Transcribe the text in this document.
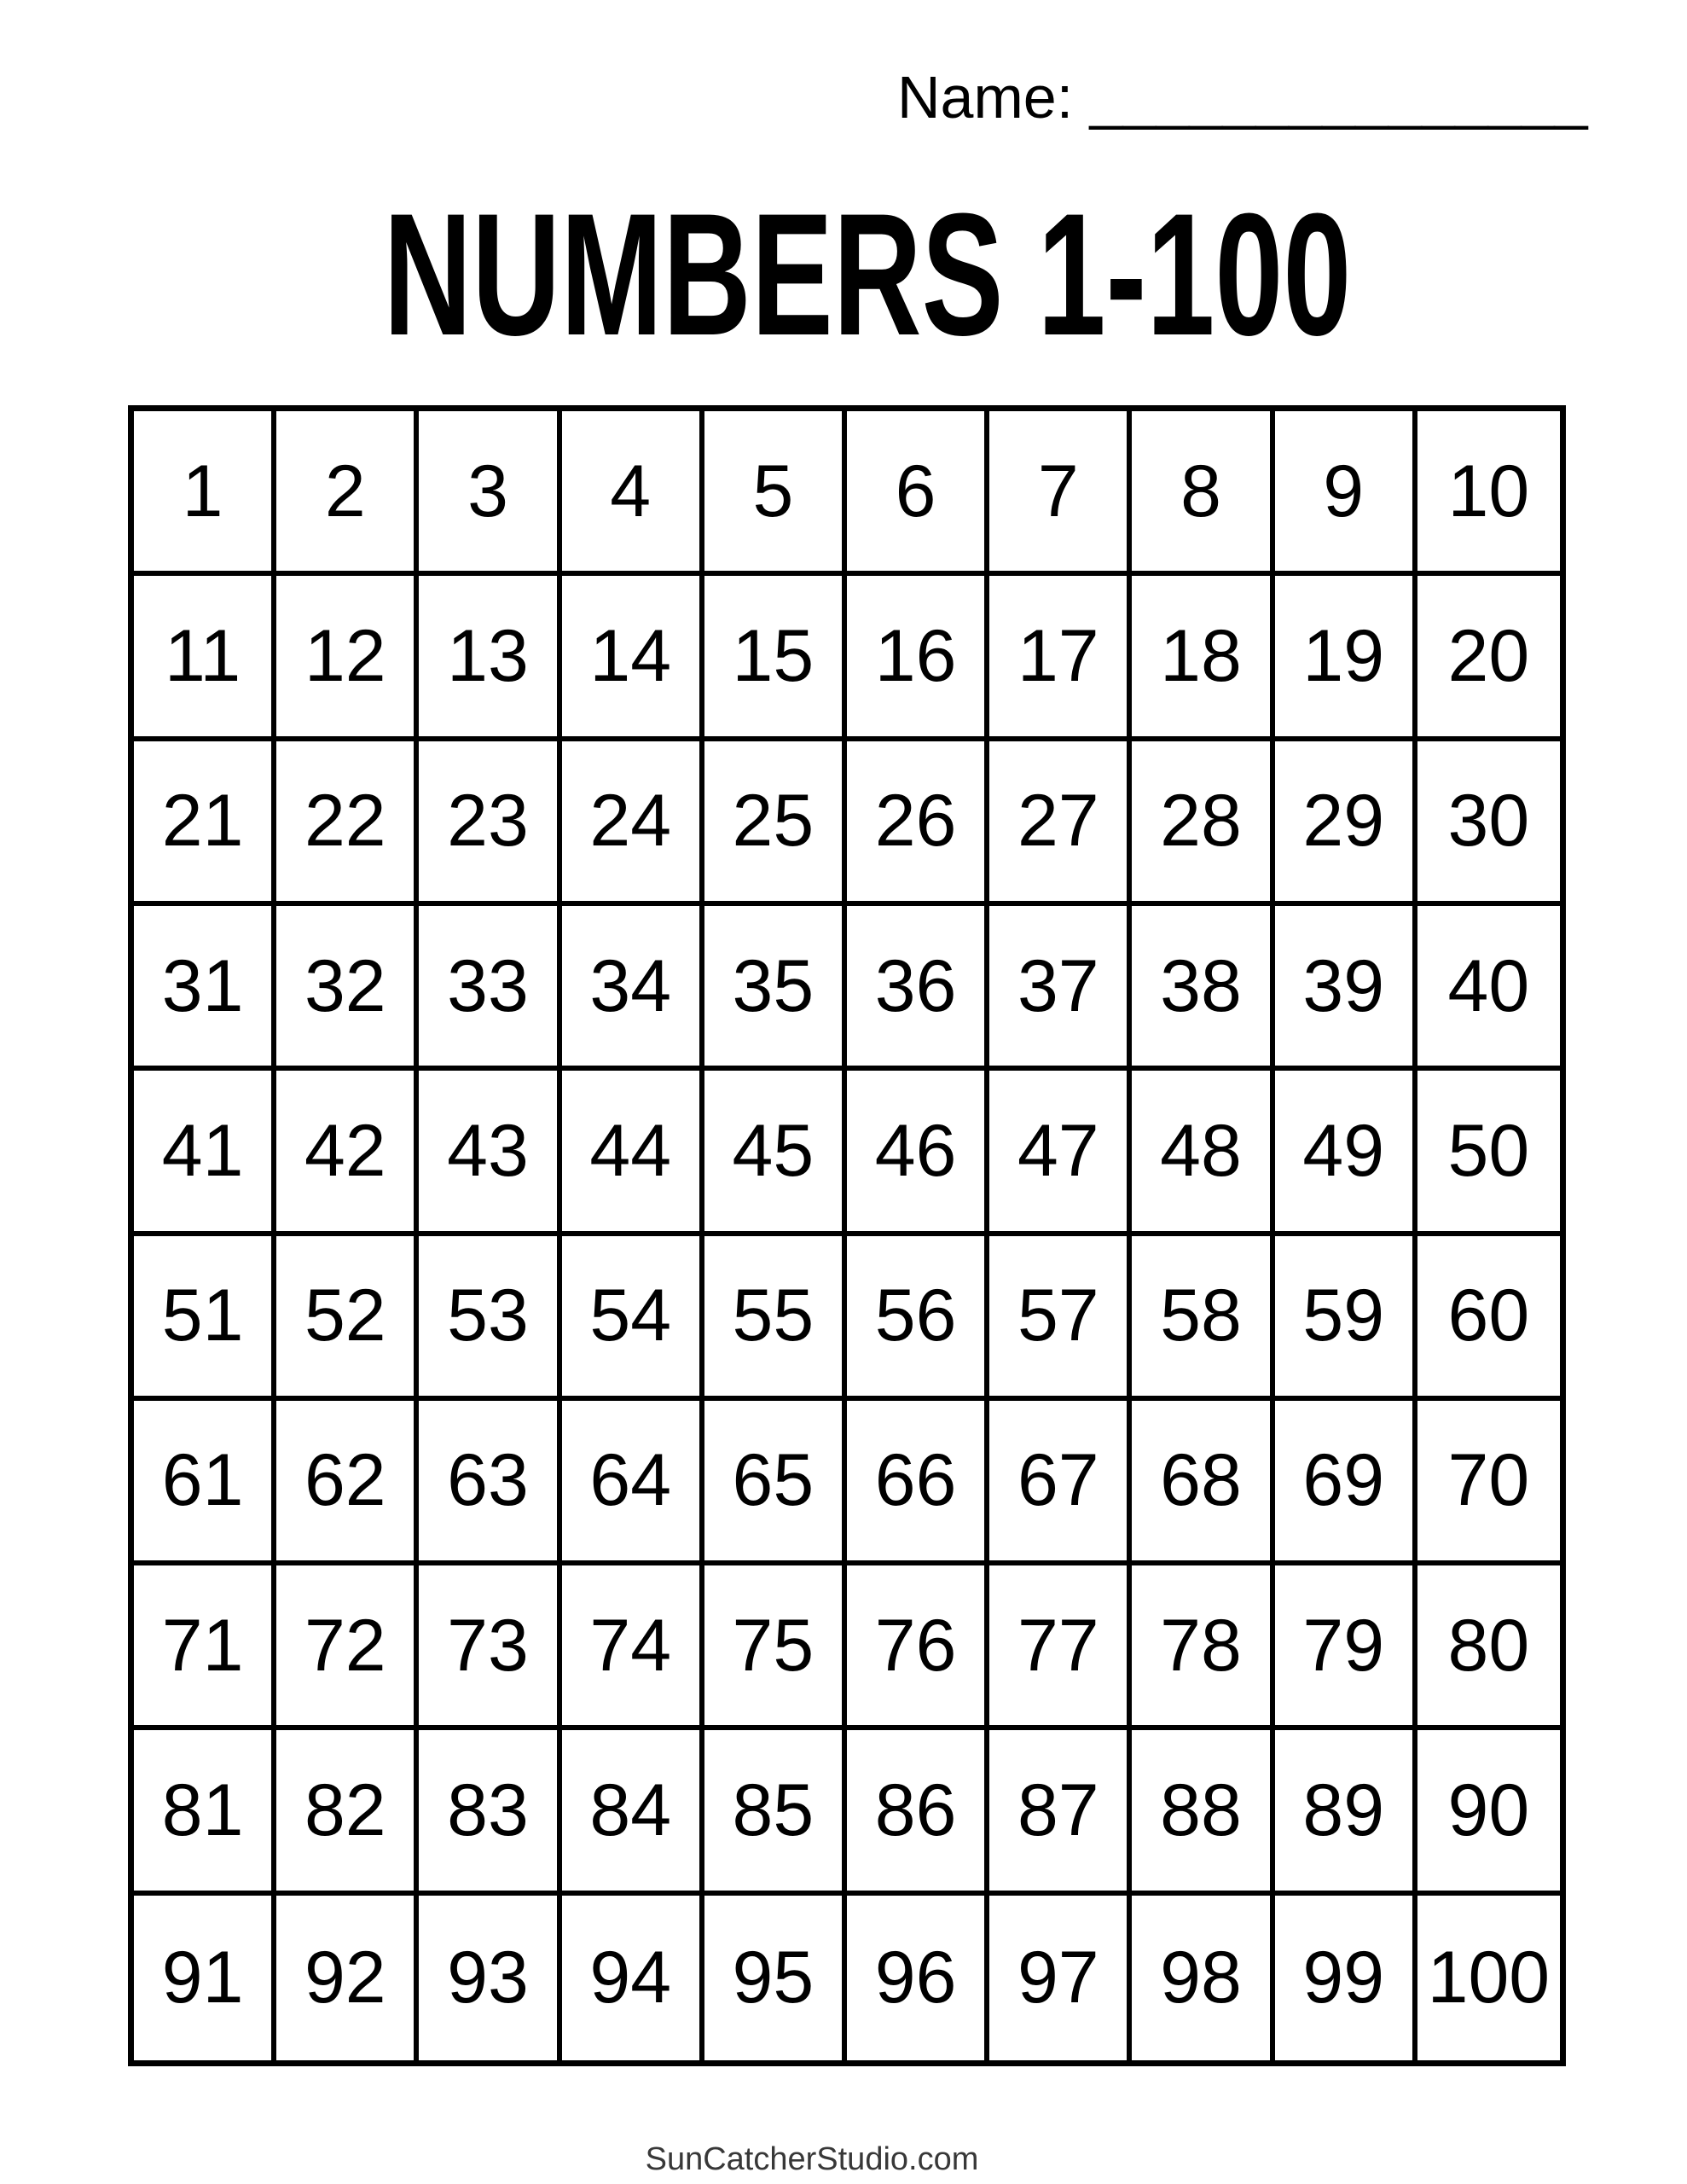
Name: _______________
NUMBERS 1-100
1	2	3	4	5	6	7	8	9	10
11 12 13 14 15 16 17 18 19 20
21 22 23 24 25 26 27 28 29 30
31 32 33 34 35 36 37 38 39 40
41 42 43 44 45 46 47 48 49 50
51 52 53 54 55 56 57 58 59 60
61 62 63 64 65 66 67 68 69 70
71 72 73 74 75 76 77 78 79 80
81 82 83 84 85 86 87 88 89 90
91 92 93 94 95 96 97 98 99 100
SunCatcherStudio.com
